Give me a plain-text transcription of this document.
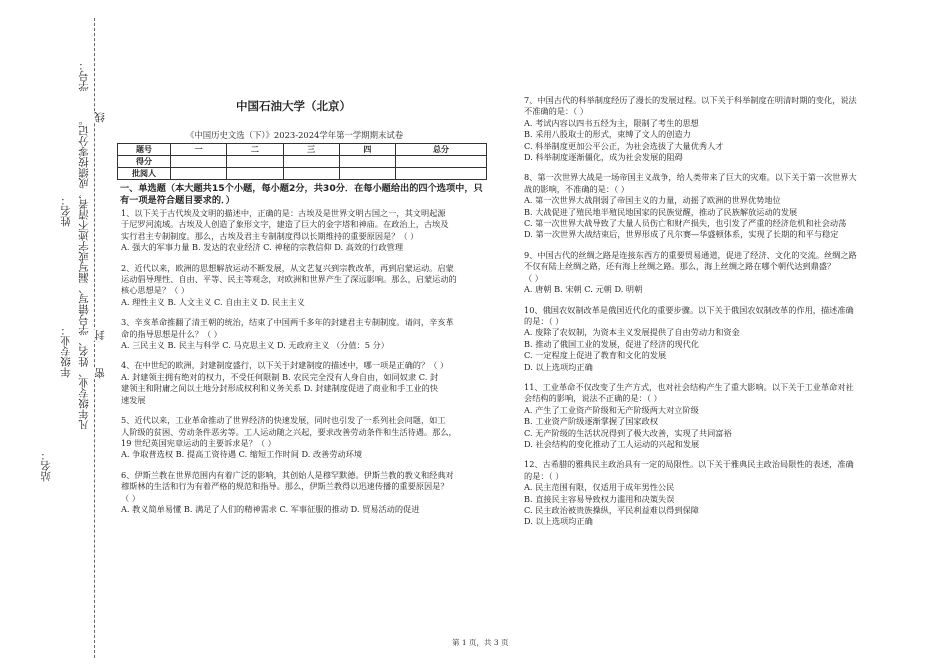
学号：
姓名： 凡年级专业、姓名、学号错写、漏写或字迹不清者，成绩按零分记。 线
封
年级专业： 密
站名：
中国石油大学（北京）
《中国历史文选（下）》2023-2024学年第一学期期末试卷
题号	一	二	三	四	总分
得分					
批阅人					
一、单选题（本大题共15个小题，每小题2分，共30分．在每小题给出的四个选项中，只有一项是符合题目要求的．）

1、以下关于古代埃及文明的描述中，正确的是：古埃及是世界文明古国之一，其文明起源

于尼罗河流域。古埃及人创造了象形文字，建造了巨大的金字塔和神庙。在政治上，古埃及

实行君主专制制度。那么，古埃及君主专制制度得以长期维持的重要原因是？（ ）

A. 强大的军事力量 B. 发达的农业经济 C. 神秘的宗教信仰 D. 高效的行政管理

2、近代以来，欧洲的思想解放运动不断发展，从文艺复兴到宗教改革，再到启蒙运动。启蒙

运动倡导理性、自由、平等、民主等观念，对欧洲和世界产生了深远影响。那么，启蒙运动的

核心思想是？（ ）

A. 理性主义 B. 人文主义 C. 自由主义 D. 民主主义

3、辛亥革命推翻了清王朝的统治，结束了中国两千多年的封建君主专制制度。请问，辛亥革

命的指导思想是什么？（ ）

A. 三民主义 B. 民主与科学 C. 马克思主义 D. 无政府主义 （分值：5 分）

4、在中世纪的欧洲，封建制度盛行，以下关于封建制度的描述中，哪一项是正确的？（ ）

A. 封建领主拥有绝对的权力，不受任何限制 B. 农民完全没有人身自由，如同奴隶 C. 封

建领主和附庸之间以土地分封形成权利和义务关系 D. 封建制度促进了商业和手工业的快

速发展

5、近代以来，工业革命推动了世界经济的快速发展，同时也引发了一系列社会问题，如工

人阶级的贫困、劳动条件恶劣等。工人运动随之兴起，要求改善劳动条件和生活待遇。那么，

19 世纪英国宪章运动的主要诉求是？（ ）

A. 争取普选权 B. 提高工资待遇 C. 缩短工作时间 D. 改善劳动环境

6、伊斯兰教在世界范围内有着广泛的影响，其创始人是穆罕默德。伊斯兰教的教义和经典对

穆斯林的生活和行为有着严格的规范和指导。那么，伊斯兰教得以迅速传播的重要原因是？

（ ）

A. 教义简单易懂 B. 满足了人们的精神需求 C. 军事征服的推动 D. 贸易活动的促进

7、中国古代的科举制度经历了漫长的发展过程。以下关于科举制度在明清时期的变化，说法

不准确的是：（ ）

A. 考试内容以四书五经为主，限制了考生的思想

B. 采用八股取士的形式，束缚了文人的创造力

C. 科举制度更加公平公正，为社会选拔了大量优秀人才

D. 科举制度逐渐僵化，成为社会发展的阻碍

8、第一次世界大战是一场帝国主义战争，给人类带来了巨大的灾难。以下关于第一次世界大

战的影响，不准确的是：（ ）

A. 第一次世界大战削弱了帝国主义的力量，动摇了欧洲的世界优势地位

B. 大战促进了殖民地半殖民地国家的民族觉醒，推动了民族解放运动的发展

C. 第一次世界大战导致了大量人员伤亡和财产损失，也引发了严重的经济危机和社会动荡

D. 第一次世界大战结束后，世界形成了凡尔赛—华盛顿体系，实现了长期的和平与稳定

9、中国古代的丝绸之路是连接东西方的重要贸易通道，促进了经济、文化的交流。丝绸之路

不仅有陆上丝绸之路，还有海上丝绸之路。那么，海上丝绸之路在哪个朝代达到鼎盛？

（ ）

A. 唐朝 B. 宋朝 C. 元朝 D. 明朝

10、俄国农奴制改革是俄国近代化的重要步骤。以下关于俄国农奴制改革的作用，描述准确

的是：（ ）

A. 废除了农奴制，为资本主义发展提供了自由劳动力和资金

B. 推动了俄国工业的发展，促进了经济的现代化

C. 一定程度上促进了教育和文化的发展

D. 以上选项均正确

11、工业革命不仅改变了生产方式，也对社会结构产生了重大影响。以下关于工业革命对社

会结构的影响，说法不正确的是：（ ）

A. 产生了工业资产阶级和无产阶级两大对立阶级

B. 工业资产阶级逐渐掌握了国家政权

C. 无产阶级的生活状况得到了极大改善，实现了共同富裕

D. 社会结构的变化推动了工人运动的兴起和发展

12、古希腊的雅典民主政治具有一定的局限性。以下关于雅典民主政治局限性的表述，准确

的是：（ ）

A. 民主范围有限，仅适用于成年男性公民

B. 直接民主容易导致权力滥用和决策失误

C. 民主政治被贵族操纵，平民利益难以得到保障

D. 以上选项均正确

第 1 页，共 3 页
